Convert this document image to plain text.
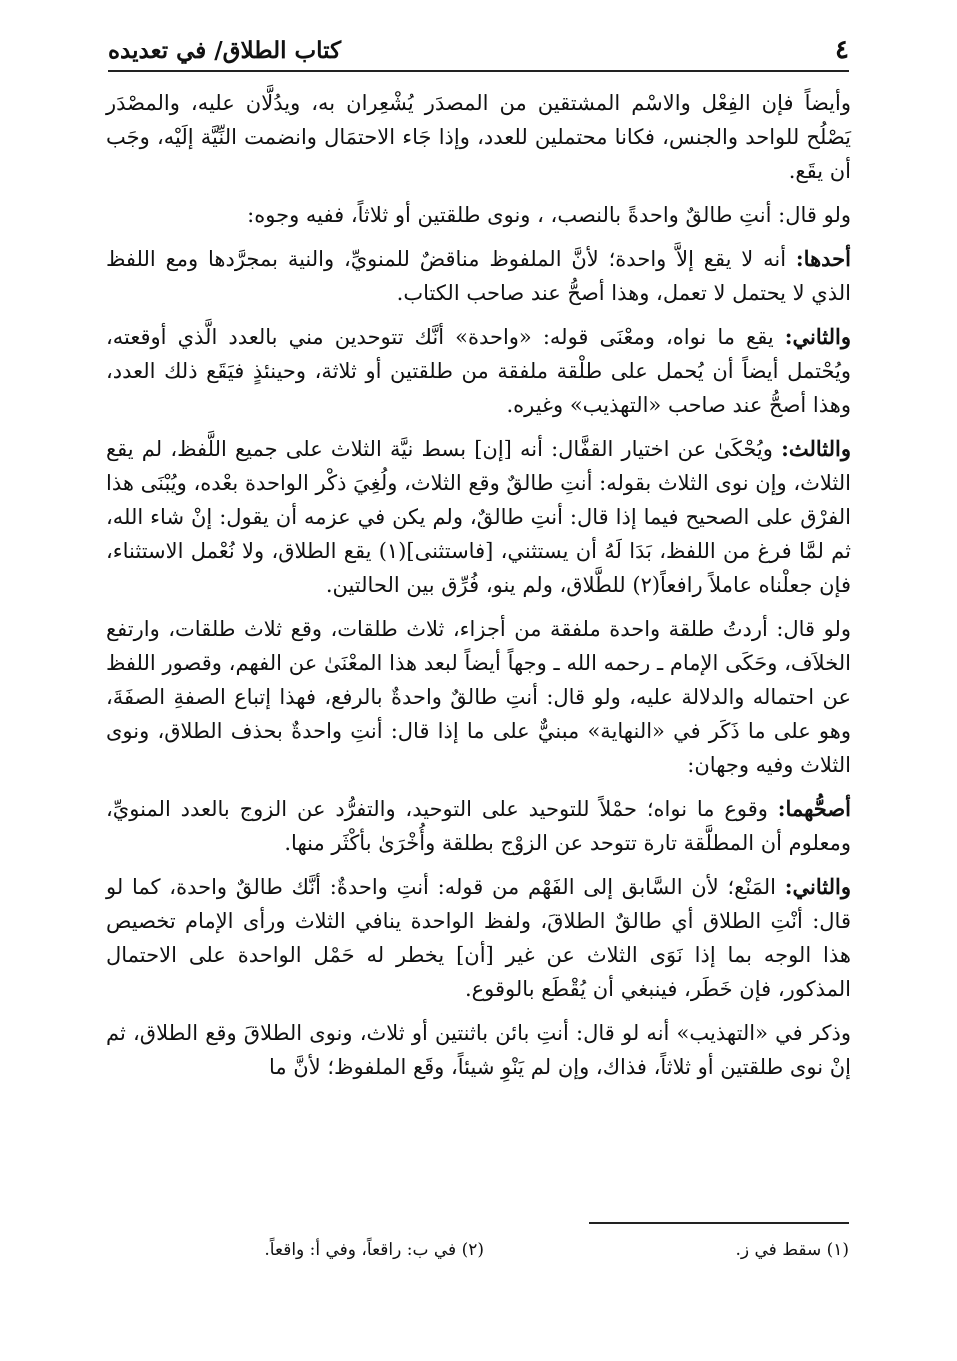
٤
كتاب الطلاق/ في تعديده

وأيضاً فإن الفِعْل والاسْم المشتقين من المصدَر يُشْعِران به، ويدُلَّان عليه، والمصْدَر يَصْلُح للواحد والجنس، فكانا محتملين للعدد، وإذا جَاء الاحتمَال وانضمت النِّيَّة إلَيْه، وجَب أن يقَع.

ولو قال: أنتِ طالقٌ واحدةً بالنصب، ، ونوى طلقتين أو ثلاثاً، ففيه وجوه:

أحدها: أنه لا يقع إلاَّ واحدة؛ لأنَّ الملفوظ مناقضٌ للمنويِّ، والنية بمجرَّدها ومع اللفظ الذي لا يحتمل لا تعمل، وهذا أصحُّ عند صاحب الكتاب.

والثاني: يقع ما نواه، ومعْنَى قوله: «واحدة» أنَّك تتوحدين مني بالعدد الَّذي أوقعته، ويُحْتمل أيضاً أن يُحمل على طلْقة ملفقة من طلقتين أو ثلاثة، وحينئذٍ فيَقَع ذلك العدد، وهذا أصحُّ عند صاحب «التهذيب» وغيره.

والثالث: ويُحْكَىٰ عن اختيار القفَّال: أنه [إن] بسط نيَّة الثلاث على جميع اللَّفظ، لم يقع الثلاث، وإن نوى الثلاث بقوله: أنتِ طالقٌ وقع الثلاث، ولُغِيَ ذكْر الواحدة بعْده، ويُبْنَى هذا الفرْق على الصحيح فيما إذا قال: أنتِ طالقٌ، ولم يكن في عزمه أن يقول: إنْ شاء الله، ثم لمَّا فرغ من اللفظ، بَدَا لَهُ أن يستثني، [فاستثنى](١) يقع الطلاق، ولا نُعْمل الاستثناء، فإن جعلْناه عاملاً رافعاً(٢) للطَّلاق، ولم ينو، فُرِّق بين الحالتين.

ولو قال: أردتُ طلقة واحدة ملفقة من أجزاء، ثلاث طلقات، وقع ثلاث طلقات، وارتفع الخلاَف، وحَكَى الإمام ـ رحمه الله ـ وجهاً أيضاً لبعد هذا المعْنَىٰ عن الفهم، وقصور اللفظ عن احتماله والدلالة عليه، ولو قال: أنتِ طالقٌ واحدةٌ بالرفع، فهذا إتباع الصفةِ الصفَةَ، وهو على ما ذَكَر في «النهاية» مبنيٌّ على ما إذا قال: أنتِ واحدةٌ بحذف الطلاق، ونوى الثلاث وفيه وجهان:

أصحُّهما: وقوع ما نواه؛ حمْلاً للتوحيد على التوحيد، والتفرُّد عن الزوج بالعدد المنويِّ، ومعلوم أن المطلَّقة تارة تتوحد عن الزوْج بطلقة وأُخْرَىٰ بأكْثَر منها.

والثاني: المَنْع؛ لأن السَّابق إلى الفَهْم من قوله: أنتِ واحدةٌ: أنَّك طالقٌ واحدة، كما لو قال: أنْتِ الطلاق أي طالقٌ الطلاقَ، ولفظ الواحدة ينافي الثلاث ورأى الإمام تخصيص هذا الوجه بما إذا نَوَى الثلاث عن غير [أن] يخطر له حَمْل الواحدة على الاحتمال المذكور، فإن خَطَر، فينبغي أن يُقْطَع بالوقوع.

وذكر في «التهذيب» أنه لو قال: أنتِ بائن باثنتين أو ثلاث، ونوى الطلاقَ وقع الطلاق، ثم إنْ نوى طلقتين أو ثلاثاً، فذاك، وإن لم يَنْوِ شيئاً، وقَع الملفوظ؛ لأنَّ ما

(١) سقط في ز.
(٢) في ب: راقعاً، وفي أ: واقعاً.
